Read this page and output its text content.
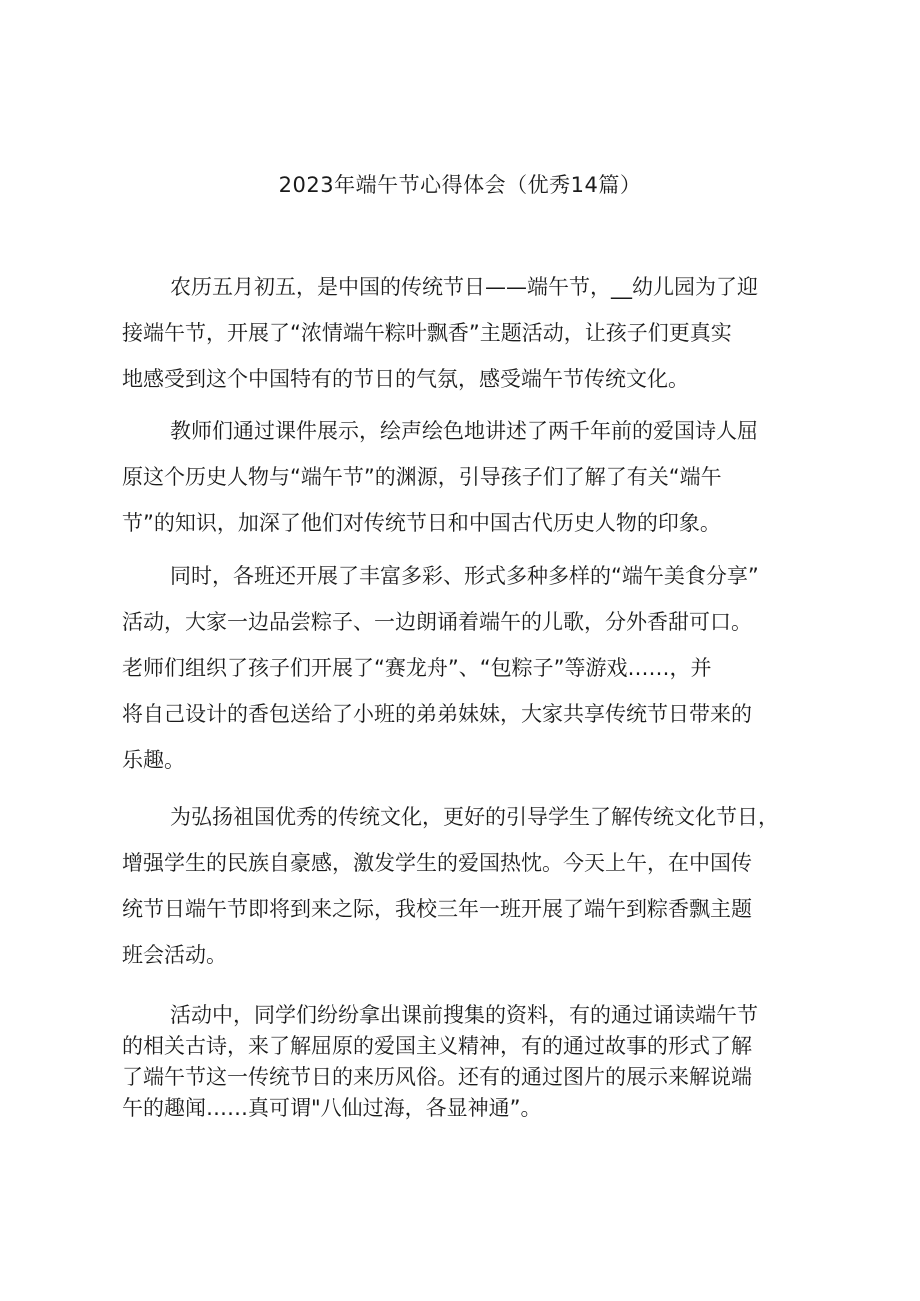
2023年端午节心得体会（优秀14篇）

农历五月初五，是中国的传统节日——端午节，__幼儿园为了迎
接端午节，开展了“浓情端午粽叶飘香”主题活动，让孩子们更真实
地感受到这个中国特有的节日的气氛，感受端午节传统文化。

教师们通过课件展示，绘声绘色地讲述了两千年前的爱国诗人屈
原这个历史人物与“端午节”的渊源，引导孩子们了解了有关“端午
节”的知识，加深了他们对传统节日和中国古代历史人物的印象。

同时，各班还开展了丰富多彩、形式多种多样的“端午美食分享”
活动，大家一边品尝粽子、一边朗诵着端午的儿歌，分外香甜可口。
老师们组织了孩子们开展了“赛龙舟”、“包粽子”等游戏……，并
将自己设计的香包送给了小班的弟弟妹妹，大家共享传统节日带来的
乐趣。

为弘扬祖国优秀的传统文化，更好的引导学生了解传统文化节日，
增强学生的民族自豪感，激发学生的爱国热忱。今天上午，在中国传
统节日端午节即将到来之际，我校三年一班开展了端午到粽香飘主题
班会活动。

活动中，同学们纷纷拿出课前搜集的资料，有的通过诵读端午节
的相关古诗，来了解屈原的爱国主义精神，有的通过故事的形式了解
了端午节这一传统节日的来历风俗。还有的通过图片的展示来解说端
午的趣闻……真可谓"八仙过海，各显神通”。
